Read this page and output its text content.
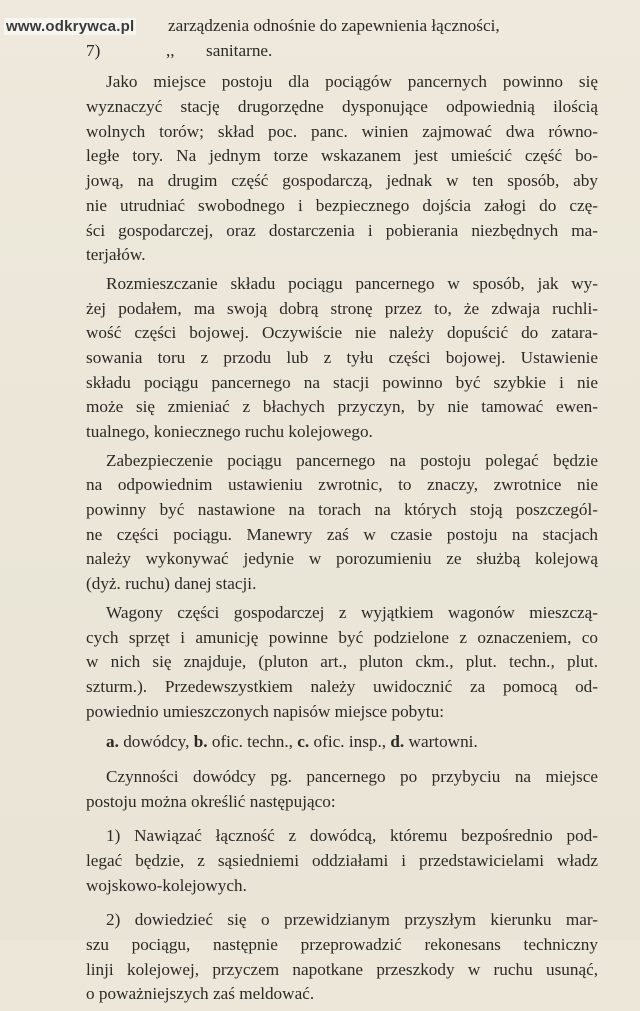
www.odkrywca.pl	zarządzenia odnośnie do zapewnienia łączności,
7)	,, sanitarne.
Jako miejsce postoju dla pociągów pancernych powinno się
wyznaczyć stację drugorzędne dysponujące odpowiednią ilością
wolnych torów; skład poc. panc. winien zajmować dwa równo-
ległe tory. Na jednym torze wskazanem jest umieścić część bo-
jową, na drugim część gospodarczą, jednak w ten sposób, aby
nie utrudniać swobodnego i bezpiecznego dojścia załogi do czę-
ści gospodarczej, oraz dostarczenia i pobierania niezbędnych ma-
terjałów.
Rozmieszczanie składu pociągu pancernego w sposób, jak wy-
żej podałem, ma swoją dobrą stronę przez to, że zdwaja ruchli-
wość części bojowej. Oczywiście nie należy dopuścić do zatara-
sowania toru z przodu lub z tyłu części bojowej. Ustawienie
składu pociągu pancernego na stacji powinno być szybkie i nie
może się zmieniać z błachych przyczyn, by nie tamować ewen-
tualnego, koniecznego ruchu kolejowego.
Zabezpieczenie pociągu pancernego na postoju polegać będzie
na odpowiednim ustawieniu zwrotnic, to znaczy, zwrotnice nie
powinny być nastawione na torach na których stoją poszczegól-
ne części pociągu. Manewry zaś w czasie postoju na stacjach
należy wykonywać jedynie w porozumieniu ze służbą kolejową
(dyż. ruchu) danej stacji.
Wagony części gospodarczej z wyjątkiem wagonów mieszczą-
cych sprzęt i amunicję powinne być podzielone z oznaczeniem, co
w nich się znajduje, (pluton art., pluton ckm., plut. techn., plut.
szturm.). Przedewszystkiem należy uwidocznić za pomocą od-
powiednio umieszczonych napisów miejsce pobytu:
a. dowódcy, b. ofic. techn., c. ofic. insp., d. wartowni.
Czynności dowódcy pg. pancernego po przybyciu na miejsce
postoju można określić następująco:
1) Nawiązać łączność z dowódcą, któremu bezpośrednio pod-
legać będzie, z sąsiedniemi oddziałami i przedstawicielami władz
wojskowo-kolejowych.
2) dowiedzieć się o przewidzianym przyszłym kierunku mar-
szu pociągu, następnie przeprowadzić rekonesans techniczny
linji kolejowej, przyczem napotkane przeszkody w ruchu usunąć,
o poważniejszych zaś meldować.
